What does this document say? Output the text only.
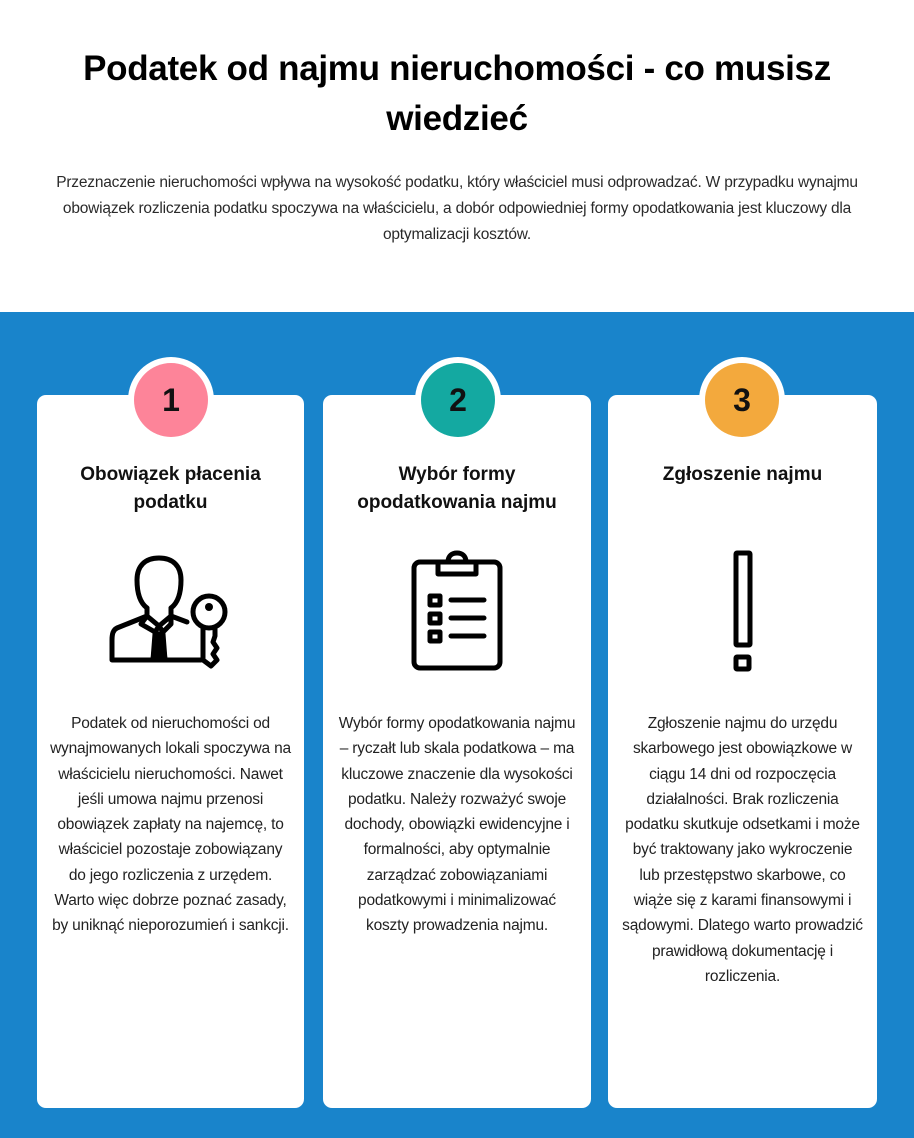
Podatek od najmu nieruchomości - co musisz wiedzieć

Przeznaczenie nieruchomości wpływa na wysokość podatku, który właściciel musi odprowadzać. W przypadku wynajmu obowiązek rozliczenia podatku spoczywa na właścicielu, a dobór odpowiedniej formy opodatkowania jest kluczowy dla optymalizacji kosztów.

Obowiązek płacenia podatku

Podatek od nieruchomości od wynajmowanych lokali spoczywa na właścicielu nieruchomości. Nawet jeśli umowa najmu przenosi obowiązek zapłaty na najemcę, to właściciel pozostaje zobowiązany do jego rozliczenia z urzędem. Warto więc dobrze poznać zasady, by uniknąć nieporozumień i sankcji.

1
Wybór formy opodatkowania najmu

Wybór formy opodatkowania najmu – ryczałt lub skala podatkowa – ma kluczowe znaczenie dla wysokości podatku. Należy rozważyć swoje dochody, obowiązki ewidencyjne i formalności, aby optymalnie zarządzać zobowiązaniami podatkowymi i minimalizować koszty prowadzenia najmu.

2
Zgłoszenie najmu

Zgłoszenie najmu do urzędu skarbowego jest obowiązkowe w ciągu 14 dni od rozpoczęcia działalności. Brak rozliczenia podatku skutkuje odsetkami i może być traktowany jako wykroczenie lub przestępstwo skarbowe, co wiąże się z karami finansowymi i sądowymi. Dlatego warto prowadzić prawidłową dokumentację i rozliczenia.

3
